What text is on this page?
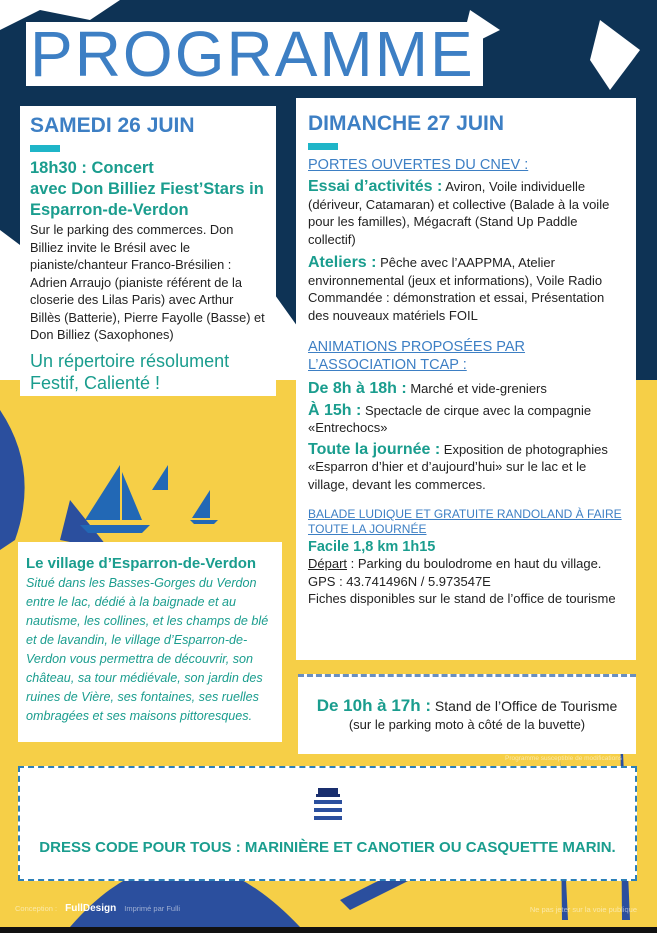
PROGRAMME
SAMEDI 26 JUIN
18h30 : Concert
avec Don Billiez Fiest’Stars in
Esparron-de-Verdon
Sur le parking des commerces. Don Billiez invite le Brésil avec le pianiste/chanteur Franco-Brésilien : Adrien Arraujo (pianiste référent de la closerie des Lilas Paris) avec Arthur Billès (Batterie), Pierre Fayolle (Basse) et Don Billiez (Saxophones)
Un répertoire résolument Festif, Calienté !
Le village d’Esparron-de-Verdon
Situé dans les Basses-Gorges du Verdon entre le lac, dédié à la baignade et au nautisme, les collines, et les champs de blé et de lavandin, le village d’Esparron-de-Verdon vous permettra de découvrir, son château, sa tour médiévale, son jardin des ruines de Vière, ses fontaines, ses ruelles ombragées et ses maisons pittoresques.
DIMANCHE 27 JUIN
PORTES OUVERTES DU CNEV :
Essai d’activités : Aviron, Voile individuelle (dériveur, Catamaran) et collective (Balade à la voile pour les familles), Mégacraft (Stand Up Paddle collectif)
Ateliers : Pêche avec l’AAPPMA, Atelier environnemental (jeux et informations), Voile Radio Commandée : démonstration et essai, Présentation des nouveaux matériels FOIL
ANIMATIONS PROPOSÉES PAR L’ASSOCIATION TCAP :
De 8h à 18h : Marché et vide-greniers
À 15h : Spectacle de cirque avec la compagnie «Entrechocs»
Toute la journée : Exposition de photographies «Esparron d’hier et d’aujourd’hui» sur le lac et le village, devant les commerces.
BALADE LUDIQUE ET GRATUITE RANDOLAND À FAIRE TOUTE LA JOURNÉE
Facile 1,8 km 1h15
Départ : Parking du boulodrome en haut du village.
GPS : 43.741496N / 5.973547E
Fiches disponibles sur le stand de l’office de tourisme
De 10h à 17h : Stand de l’Office de Tourisme
(sur le parking moto à côté de la buvette)
Programme susceptible de modifications
DRESS CODE POUR TOUS : MARINIÈRE ET CANOTIER OU CASQUETTE MARIN.
Conception : FullDesign Imprimé par Fulli	Ne pas jeter sur la voie publique
